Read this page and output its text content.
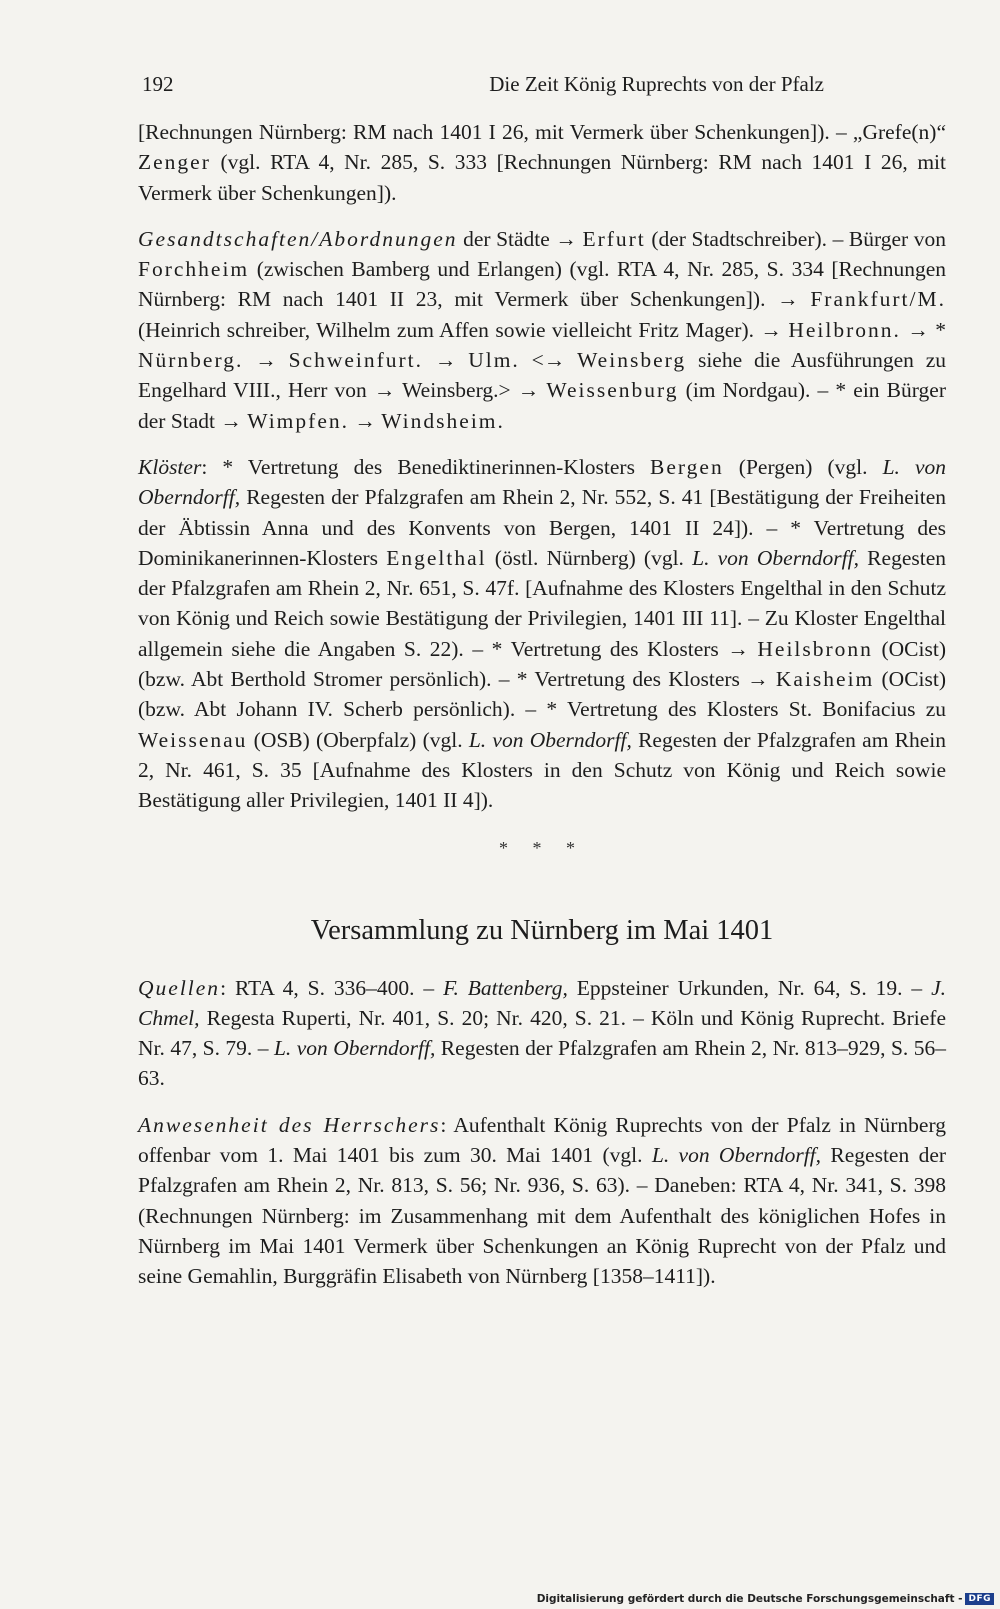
192	Die Zeit König Ruprechts von der Pfalz

[Rechnungen Nürnberg: RM nach 1401 I 26, mit Vermerk über Schenkungen]). – „Grefe(n)“ Zenger (vgl. RTA 4, Nr. 285, S. 333 [Rechnungen Nürnberg: RM nach 1401 I 26, mit Vermerk über Schenkungen]).

Gesandtschaften/Abordnungen der Städte → Erfurt (der Stadtschreiber). – Bürger von Forchheim (zwischen Bamberg und Erlangen) (vgl. RTA 4, Nr. 285, S. 334 [Rechnungen Nürnberg: RM nach 1401 II 23, mit Vermerk über Schenkungen]). → Frankfurt/M. (Heinrich schreiber, Wilhelm zum Affen sowie vielleicht Fritz Mager). → Heilbronn. → * Nürnberg. → Schweinfurt. → Ulm. <→ Weinsberg siehe die Ausführungen zu Engelhard VIII., Herr von → Weinsberg.> → Weissenburg (im Nordgau). – * ein Bürger der Stadt → Wimpfen. → Windsheim.

Klöster: * Vertretung des Benediktinerinnen-Klosters Bergen (Pergen) (vgl. L. von Oberndorff, Regesten der Pfalzgrafen am Rhein 2, Nr. 552, S. 41 [Bestätigung der Freiheiten der Äbtissin Anna und des Konvents von Bergen, 1401 II 24]). – * Vertretung des Dominikanerinnen-Klosters Engelthal (östl. Nürnberg) (vgl. L. von Oberndorff, Regesten der Pfalzgrafen am Rhein 2, Nr. 651, S. 47f. [Aufnahme des Klosters Engelthal in den Schutz von König und Reich sowie Bestätigung der Privilegien, 1401 III 11]. – Zu Kloster Engelthal allgemein siehe die Angaben S. 22). – * Vertretung des Klosters → Heilsbronn (OCist) (bzw. Abt Berthold Stromer persönlich). – * Vertretung des Klosters → Kaisheim (OCist) (bzw. Abt Johann IV. Scherb persönlich). – * Vertretung des Klosters St. Bonifacius zu Weissenau (OSB) (Oberpfalz) (vgl. L. von Oberndorff, Regesten der Pfalzgrafen am Rhein 2, Nr. 461, S. 35 [Aufnahme des Klosters in den Schutz von König und Reich sowie Bestätigung aller Privilegien, 1401 II 4]).

* * *
Versammlung zu Nürnberg im Mai 1401

Quellen: RTA 4, S. 336–400. – F. Battenberg, Eppsteiner Urkunden, Nr. 64, S. 19. – J. Chmel, Regesta Ruperti, Nr. 401, S. 20; Nr. 420, S. 21. – Köln und König Ruprecht. Briefe Nr. 47, S. 79. – L. von Oberndorff, Regesten der Pfalzgrafen am Rhein 2, Nr. 813–929, S. 56–63.

Anwesenheit des Herrschers: Aufenthalt König Ruprechts von der Pfalz in Nürnberg offenbar vom 1. Mai 1401 bis zum 30. Mai 1401 (vgl. L. von Oberndorff, Regesten der Pfalzgrafen am Rhein 2, Nr. 813, S. 56; Nr. 936, S. 63). – Daneben: RTA 4, Nr. 341, S. 398 (Rechnungen Nürnberg: im Zusammenhang mit dem Aufenthalt des königlichen Hofes in Nürnberg im Mai 1401 Vermerk über Schenkungen an König Ruprecht von der Pfalz und seine Gemahlin, Burggräfin Elisabeth von Nürnberg [1358–1411]).

Digitalisierung gefördert durch die Deutsche Forschungsgemeinschaft - DFG
